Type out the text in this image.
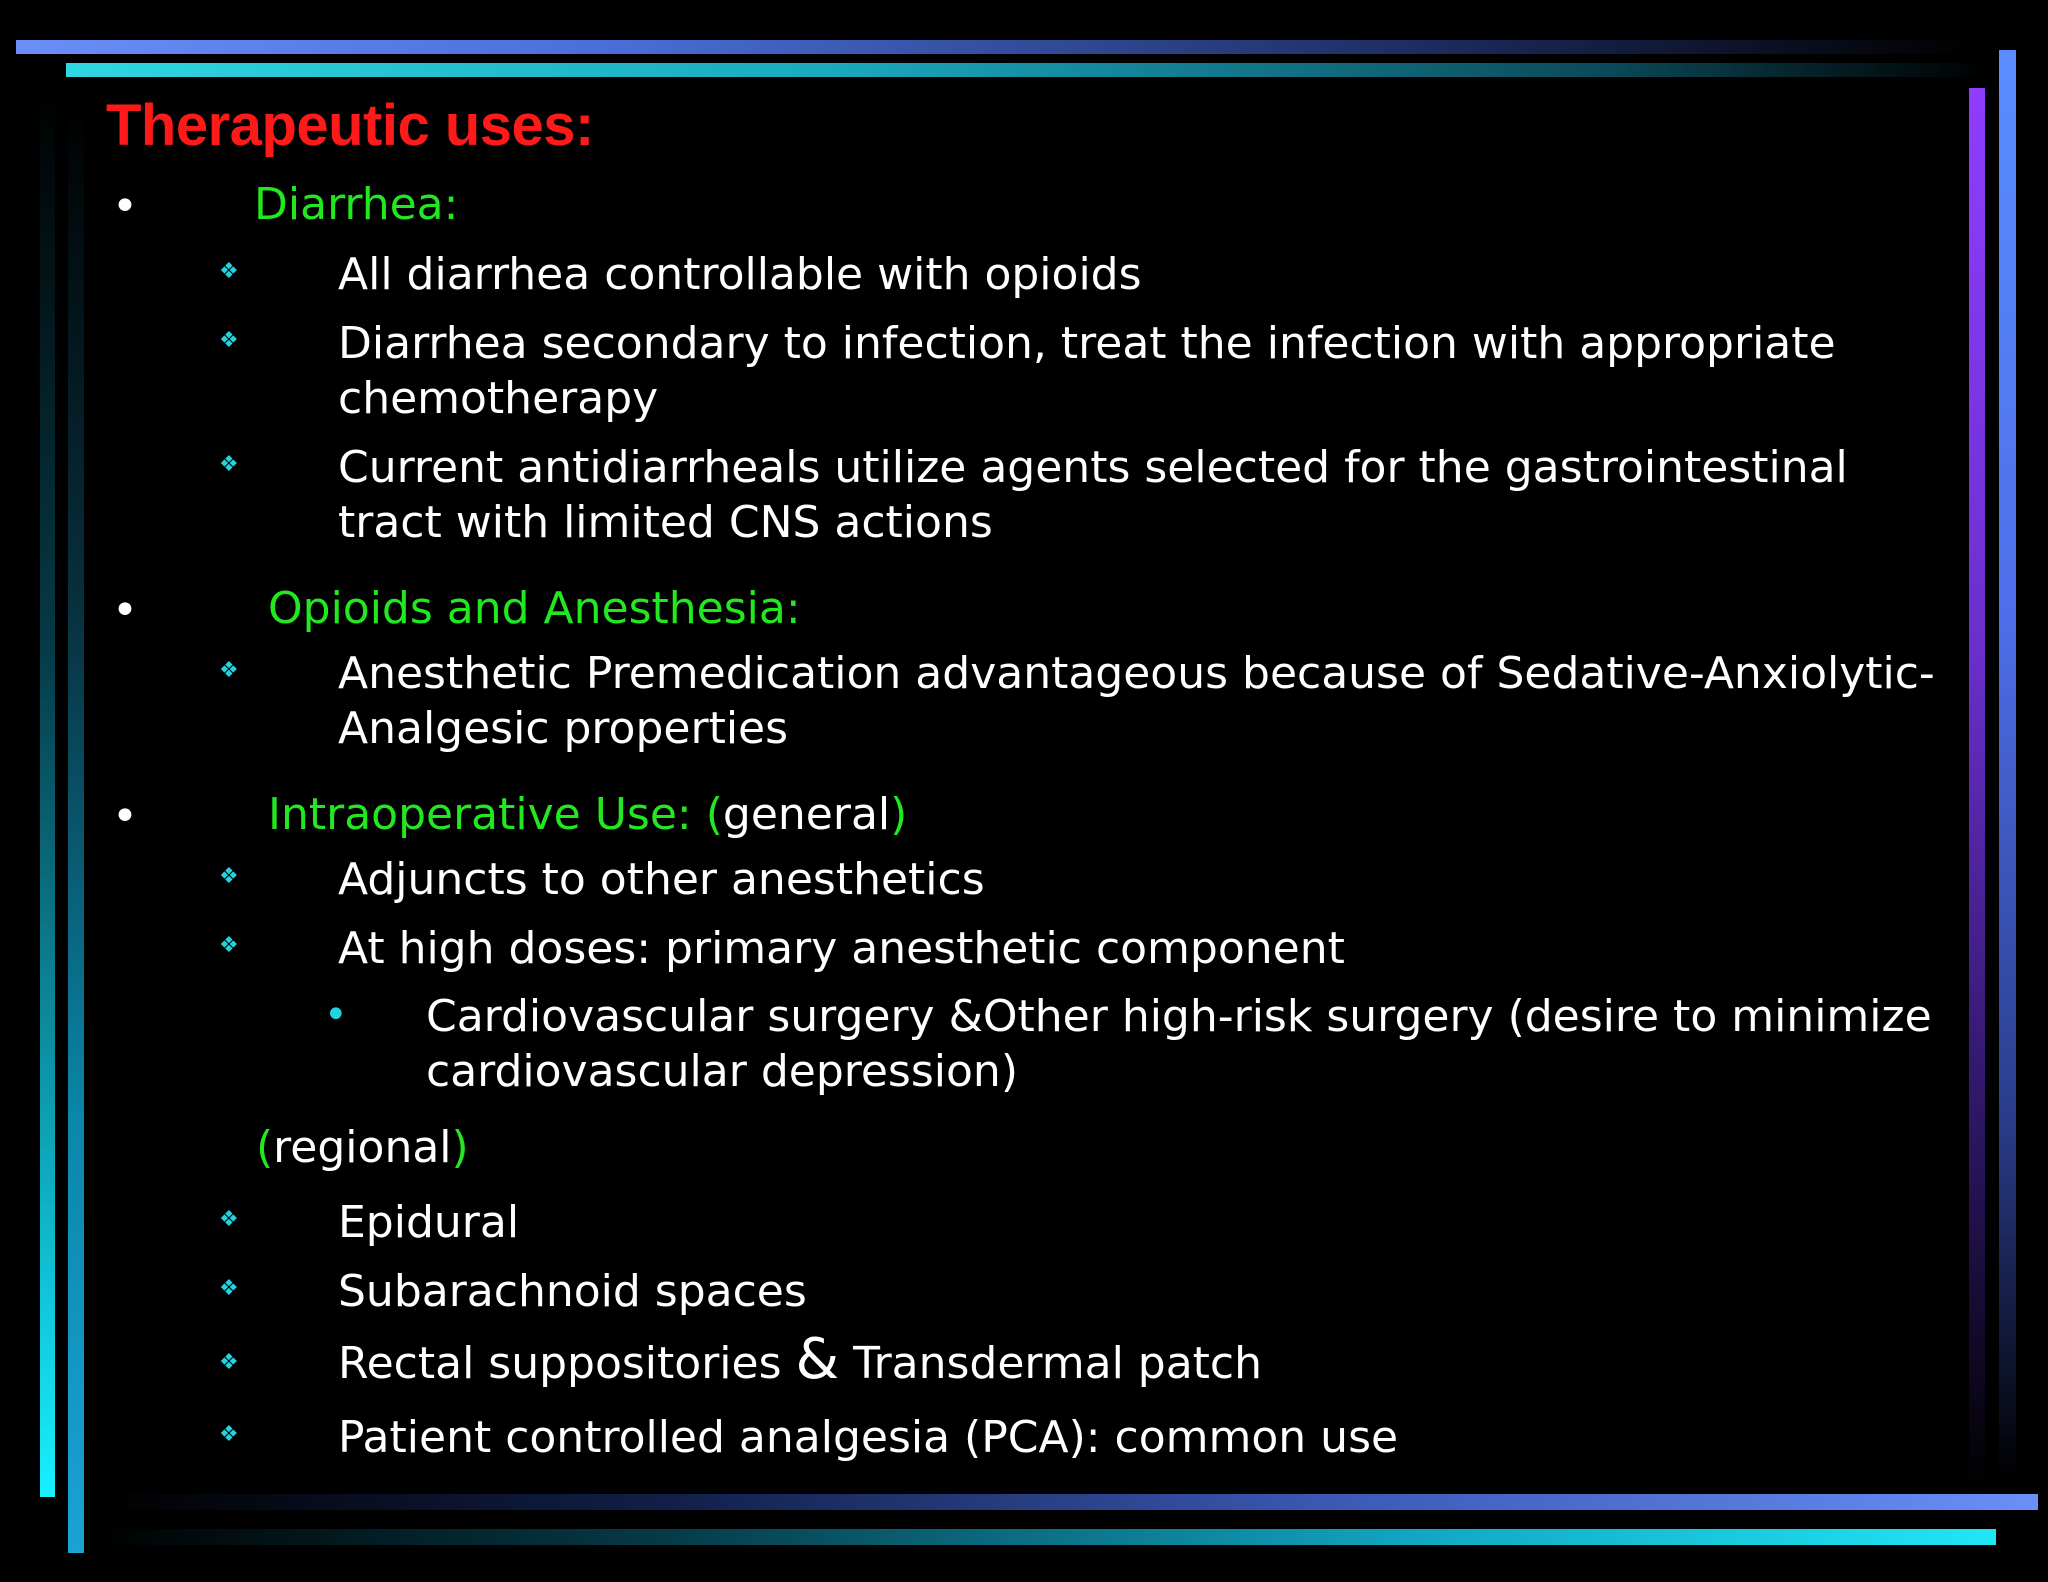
Therapeutic uses:
•	Diarrhea:
❖ All diarrhea controllable with opioids
❖ Diarrhea secondary to infection, treat the infection with appropriate chemotherapy
❖ Current antidiarrheals utilize agents selected for the gastrointestinal tract with limited CNS actions
•	Opioids and Anesthesia:
❖ Anesthetic Premedication advantageous because of Sedative-Anxiolytic-Analgesic properties
•	Intraoperative Use: (general)
❖ Adjuncts to other anesthetics
❖ At high doses: primary anesthetic component
• Cardiovascular surgery &Other high-risk surgery (desire to minimize cardiovascular depression)
(regional)
❖ Epidural
❖ Subarachnoid spaces
❖ Rectal suppositories & Transdermal patch
❖ Patient controlled analgesia (PCA): common use
